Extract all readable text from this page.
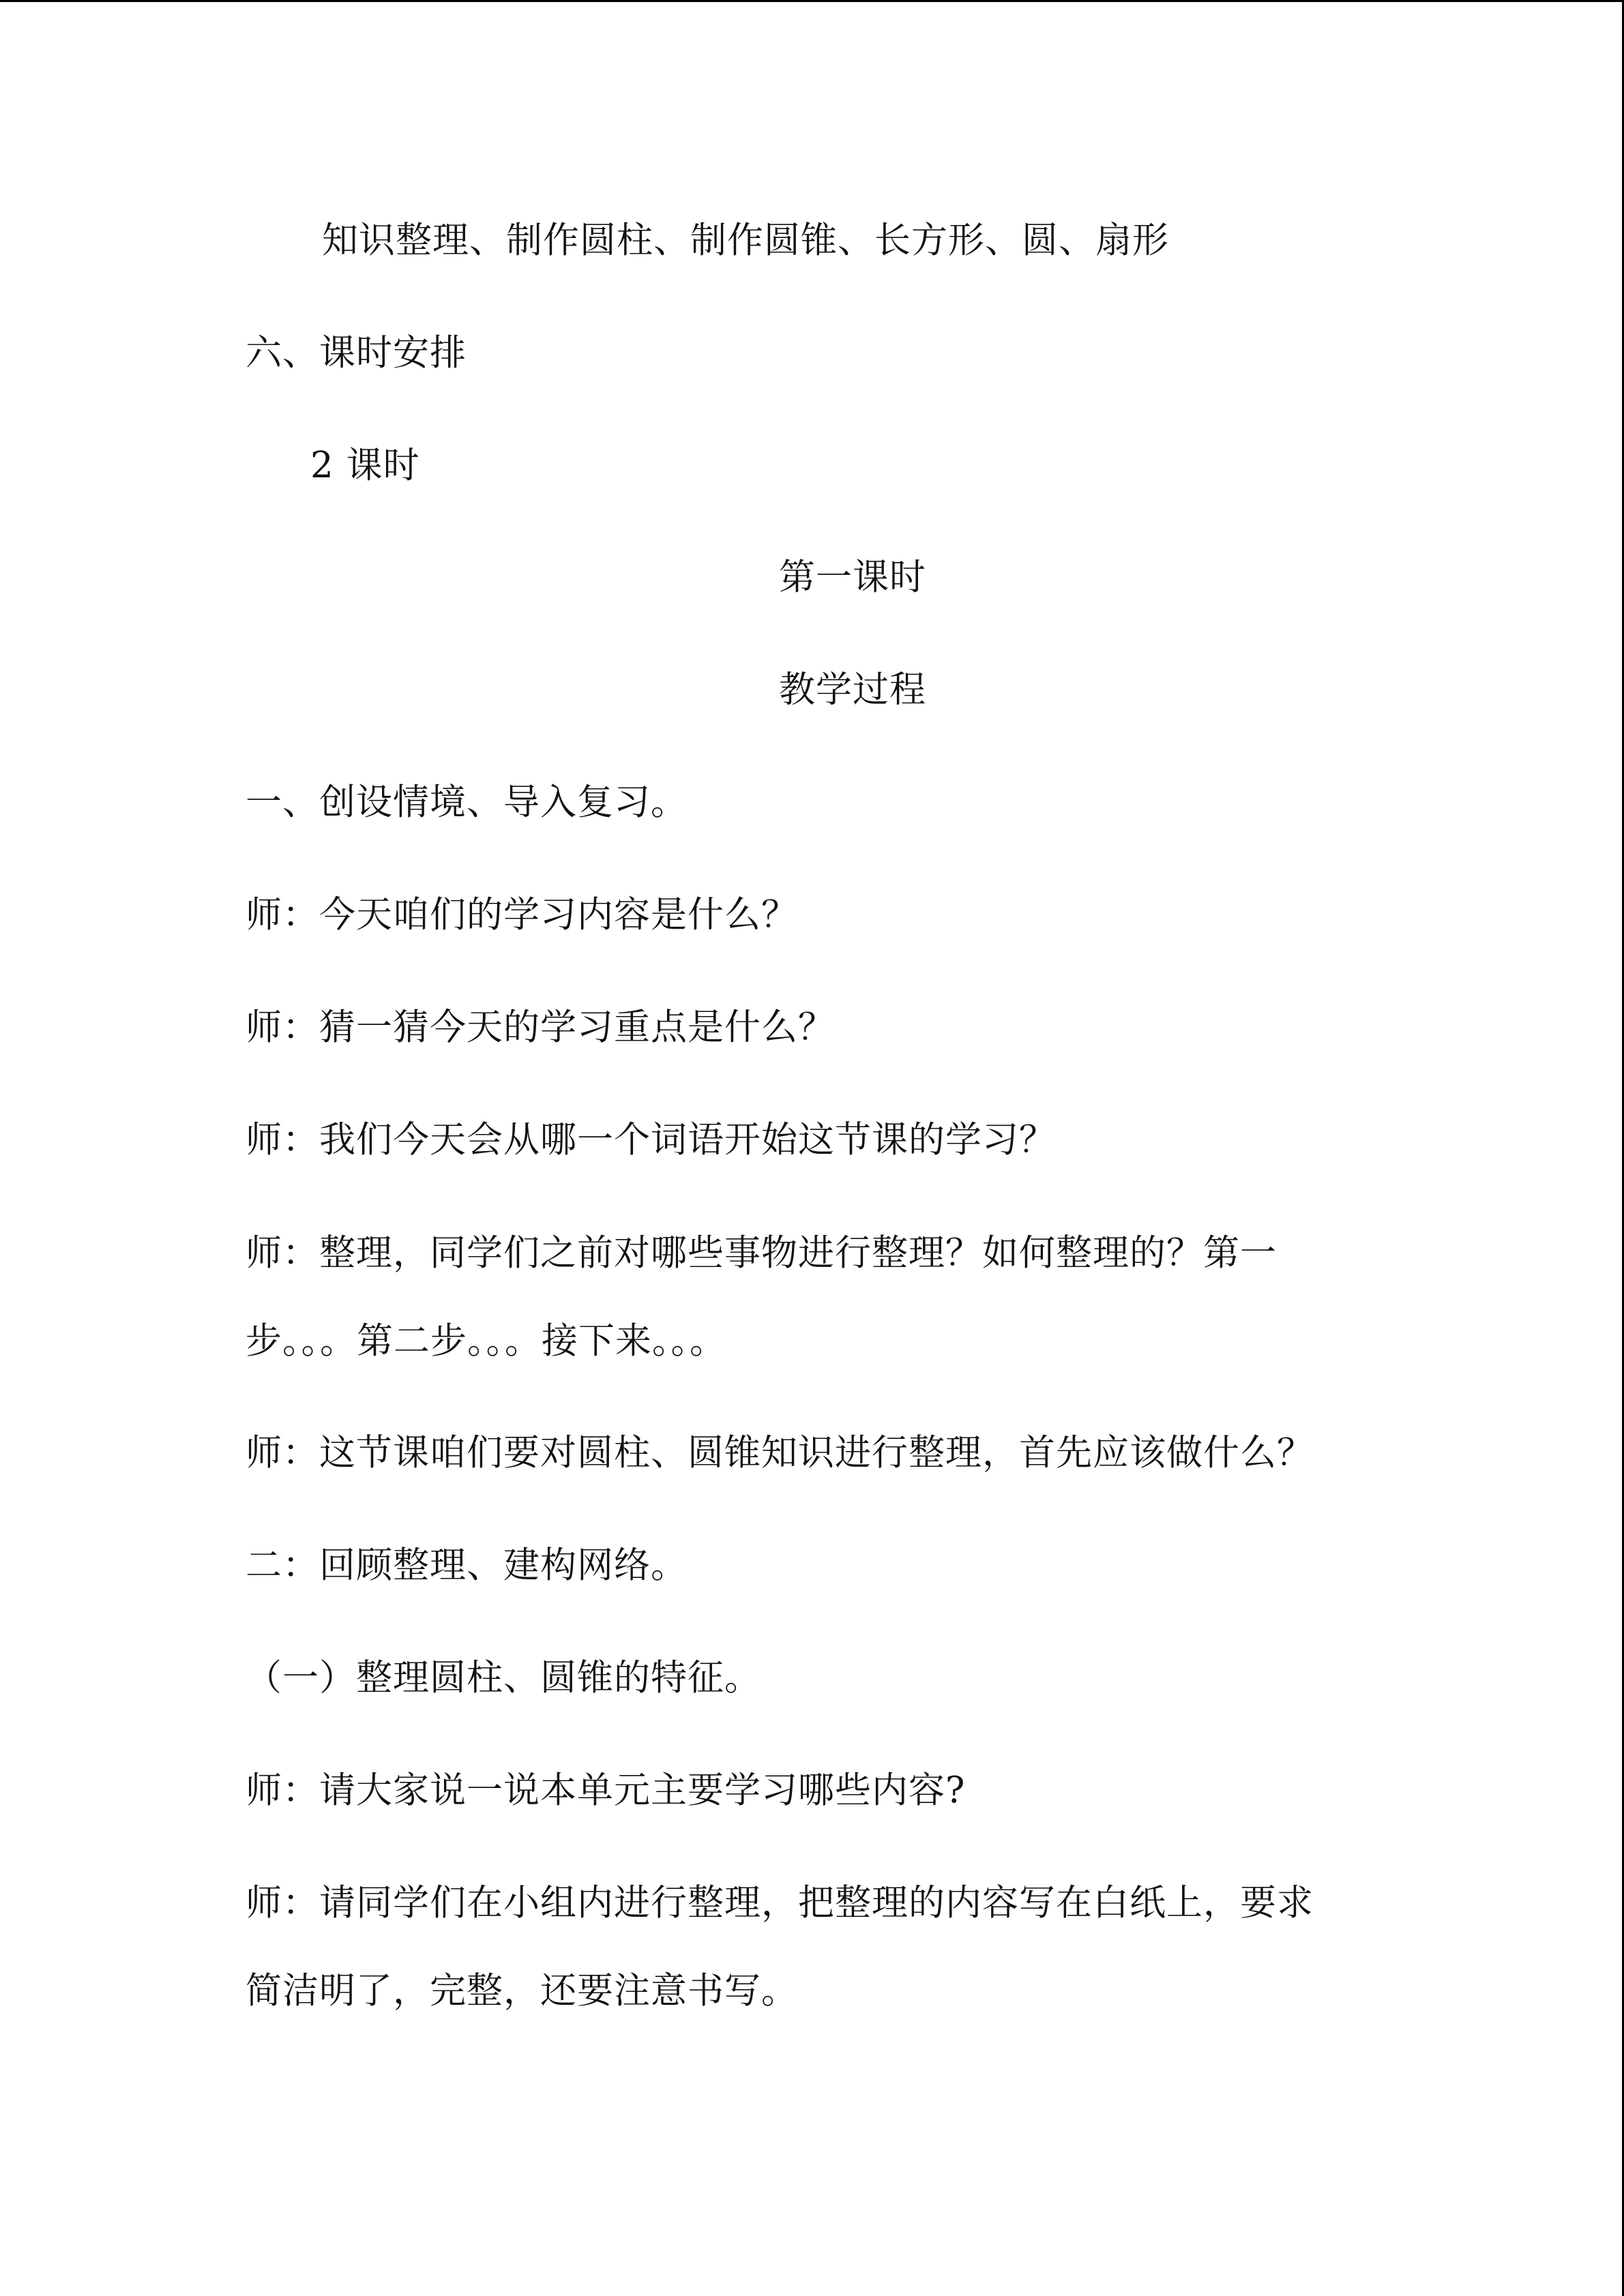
知识整理、制作圆柱、制作圆锥、长方形、圆、扇形
六、课时安排
2 课时
第一课时
教学过程
一、创设情境、导入复习。
师：今天咱们的学习内容是什么？
师：猜一猜今天的学习重点是什么？
师：我们今天会从哪一个词语开始这节课的学习？
师：整理，同学们之前对哪些事物进行整理？如何整理的？第一
步。。。第二步。。。接下来。。。
师：这节课咱们要对圆柱、圆锥知识进行整理，首先应该做什么？
二：回顾整理、建构网络。
（一）整理圆柱、圆锥的特征。
师：请大家说一说本单元主要学习哪些内容?
师：请同学们在小组内进行整理，把整理的内容写在白纸上，要求
简洁明了，完整，还要注意书写。
